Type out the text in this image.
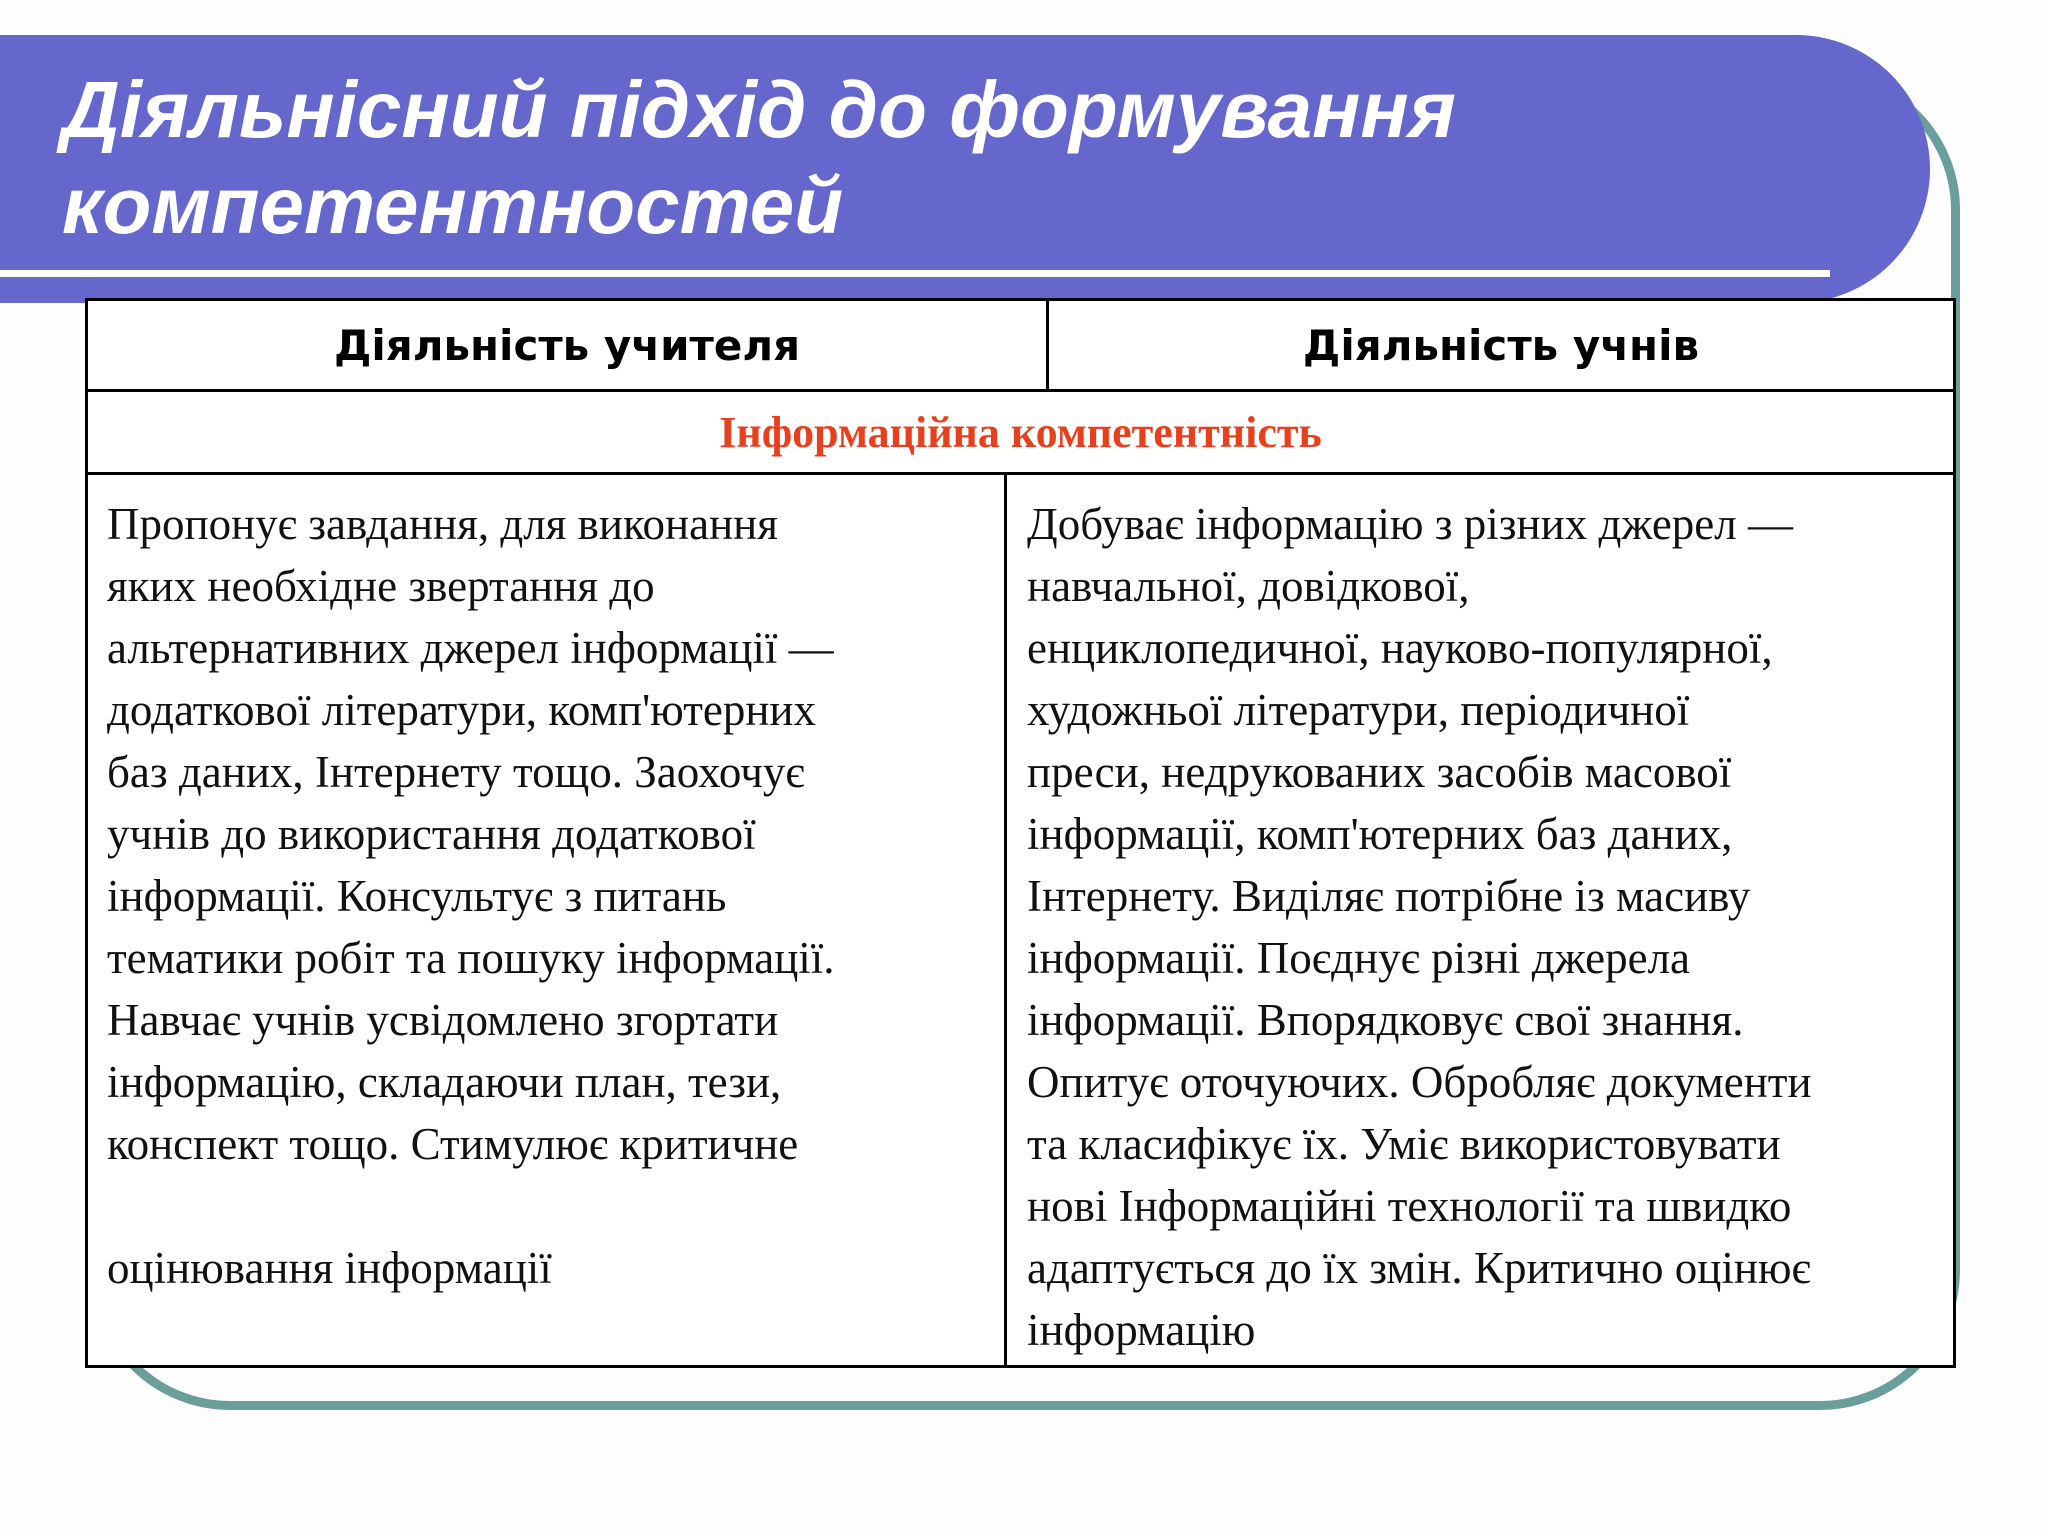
Діяльнісний підхід до формування компетентностей
Діяльність учителя	Діяльність учнів
Інформаційна компетентність
Пропонує завдання, для виконання
яких необхідне звертання до
альтернативних джерел інформації —
додаткової літератури, комп'ютерних
баз даних, Інтернету тощо. Заохочує
учнів до використання додаткової
інформації. Консультує з питань
тематики робіт та пошуку інформації.
Навчає учнів усвідомлено згортати
інформацію, складаючи план, тези,
конспект тощо. Стимулює критичне

оцінювання інформації
Добуває інформацію з різних джерел —
навчальної, довідкової,
енциклопедичної, науково-популярної,
художньої літератури, періодичної
преси, недрукованих засобів масової
інформації, комп'ютерних баз даних,
Інтернету. Виділяє потрібне із масиву
інформації. Поєднує різні джерела
інформації. Впорядковує свої знання.
Опитує оточуючих. Обробляє документи
та класифікує їх. Уміє використовувати
нові Інформаційні технології та швидко
адаптується до їх змін. Критично оцінює
інформацію
